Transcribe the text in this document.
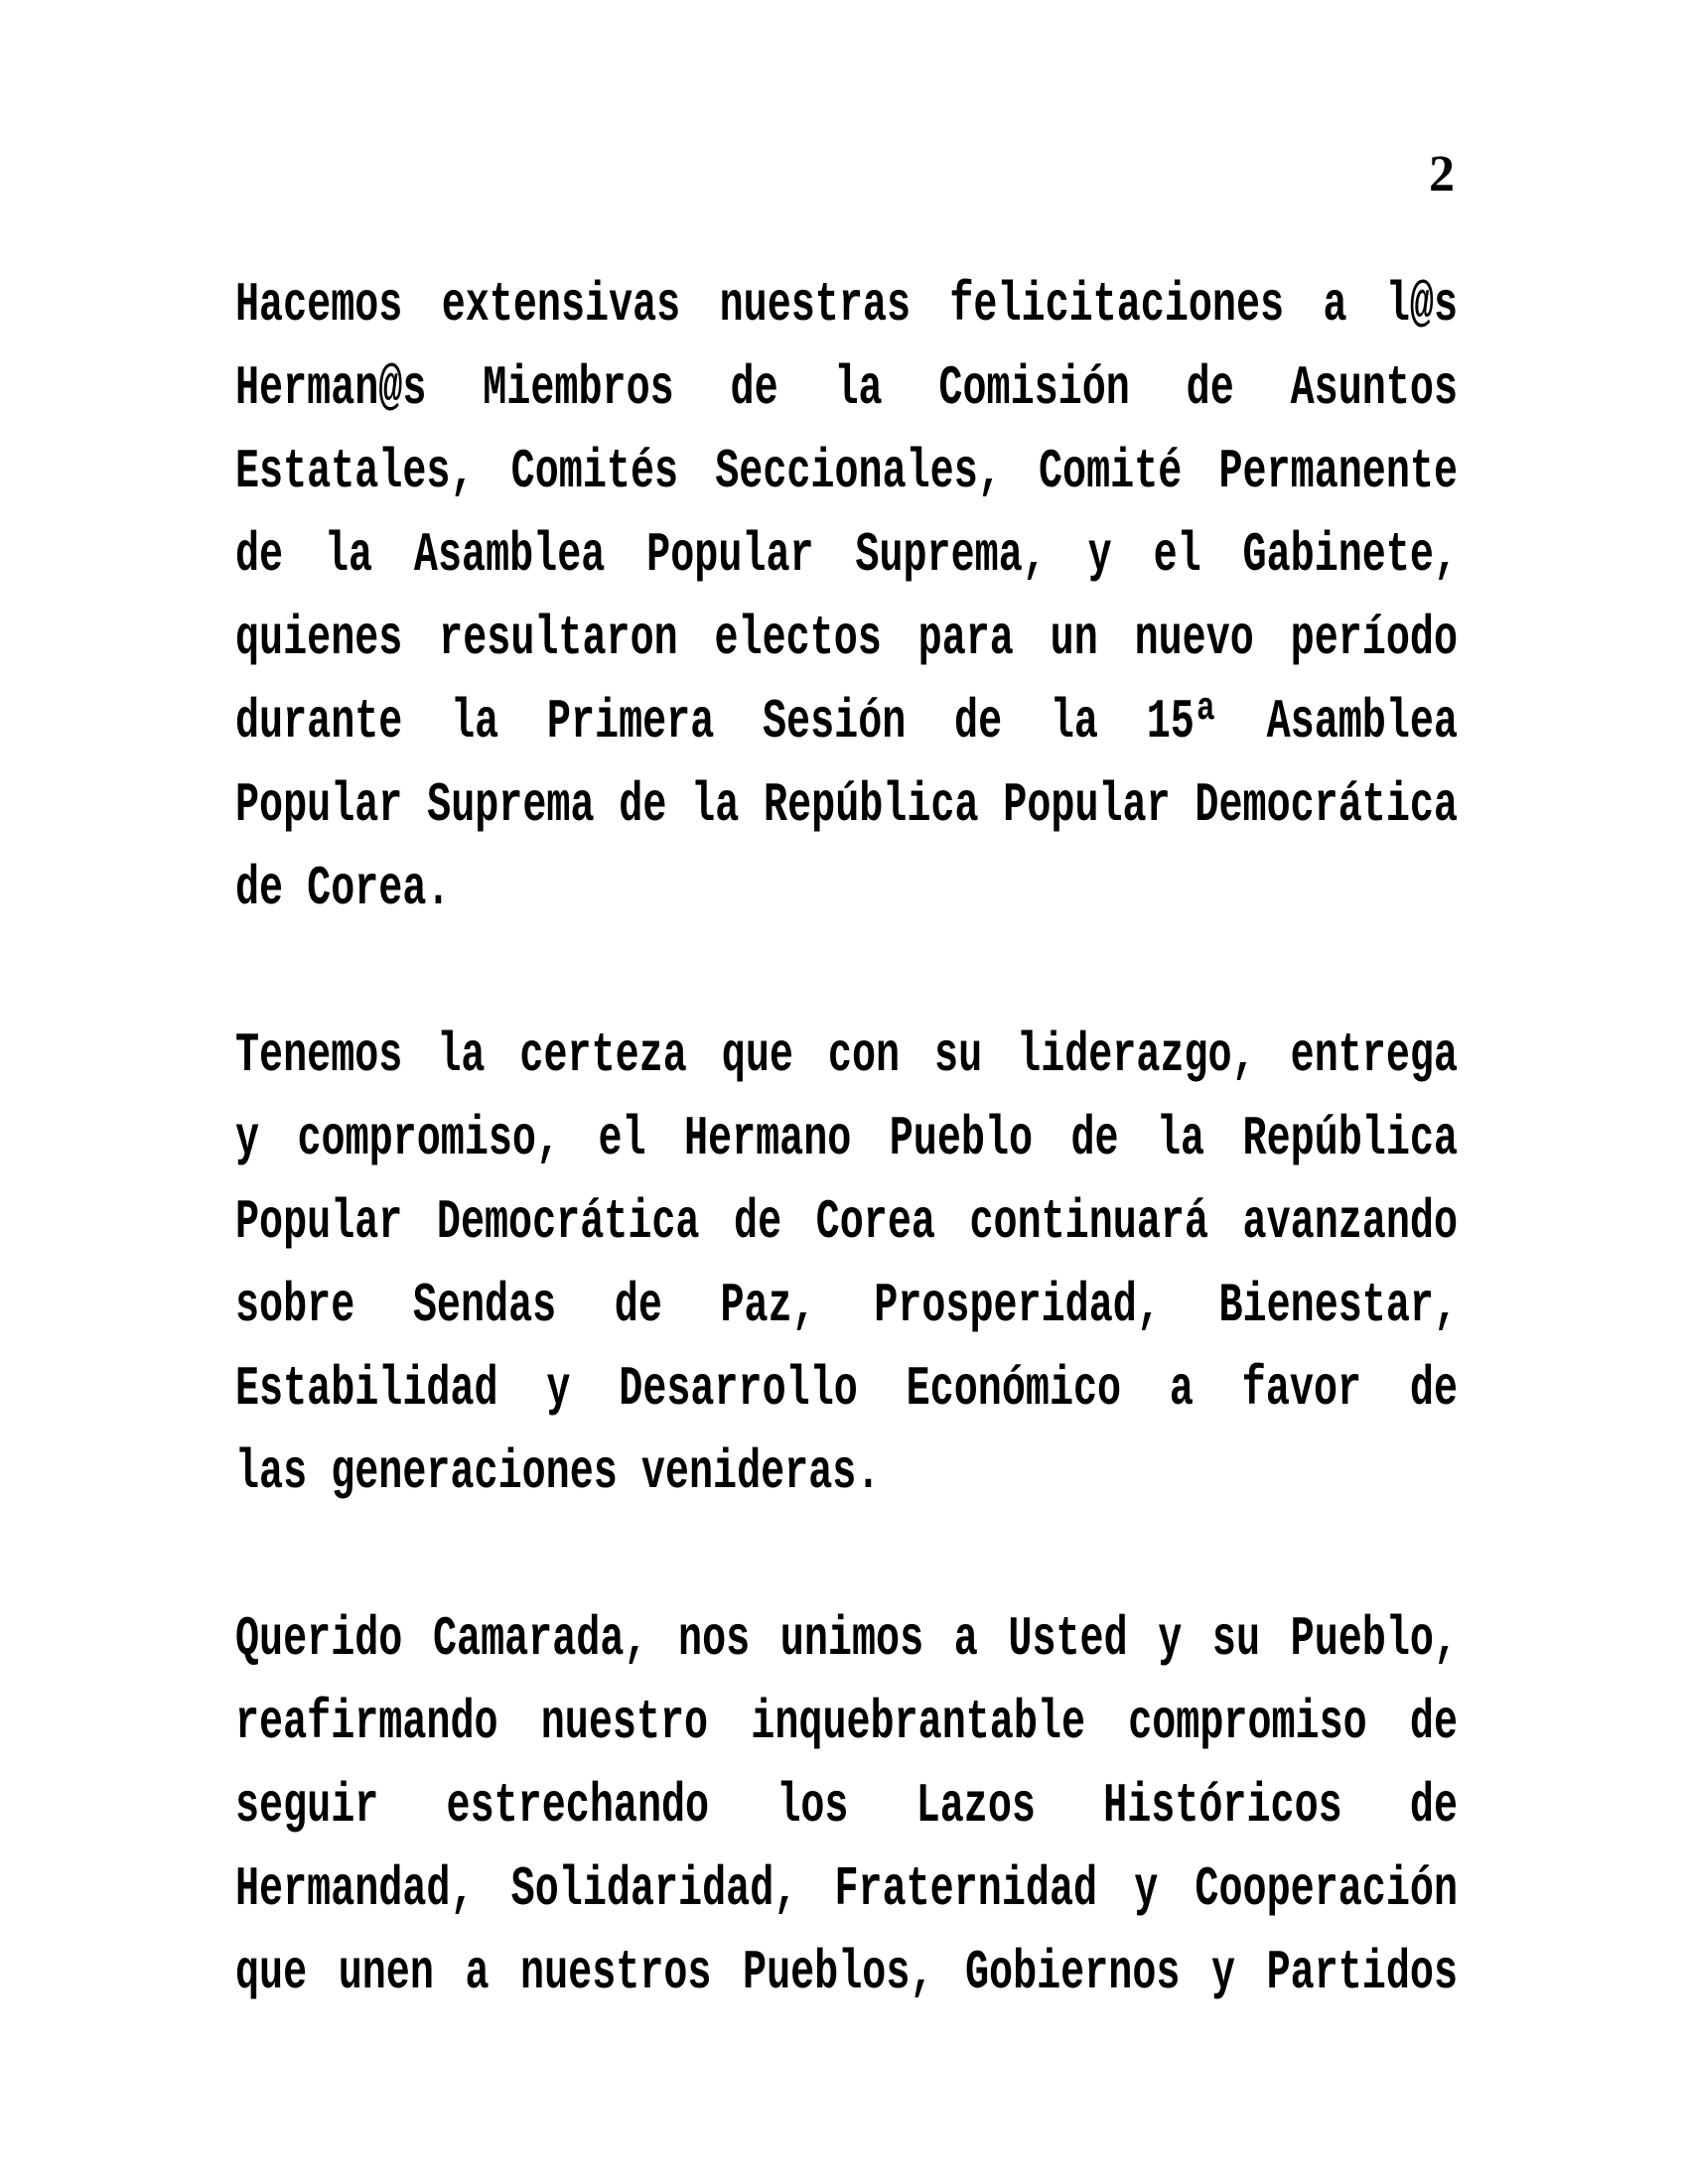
2
Hacemos extensivas nuestras felicitaciones a l@s
Herman@s Miembros de la Comisión de Asuntos
Estatales, Comités Seccionales, Comité Permanente
de la Asamblea Popular Suprema, y el Gabinete,
quienes resultaron electos para un nuevo período
durante la Primera Sesión de la 15ª Asamblea
Popular Suprema de la República Popular Democrática
de Corea.
Tenemos la certeza que con su liderazgo, entrega
y compromiso, el Hermano Pueblo de la República
Popular Democrática de Corea continuará avanzando
sobre Sendas de Paz, Prosperidad, Bienestar,
Estabilidad y Desarrollo Económico a favor de
las generaciones venideras.
Querido Camarada, nos unimos a Usted y su Pueblo,
reafirmando nuestro inquebrantable compromiso de
seguir estrechando los Lazos Históricos de
Hermandad, Solidaridad, Fraternidad y Cooperación
que unen a nuestros Pueblos, Gobiernos y Partidos
